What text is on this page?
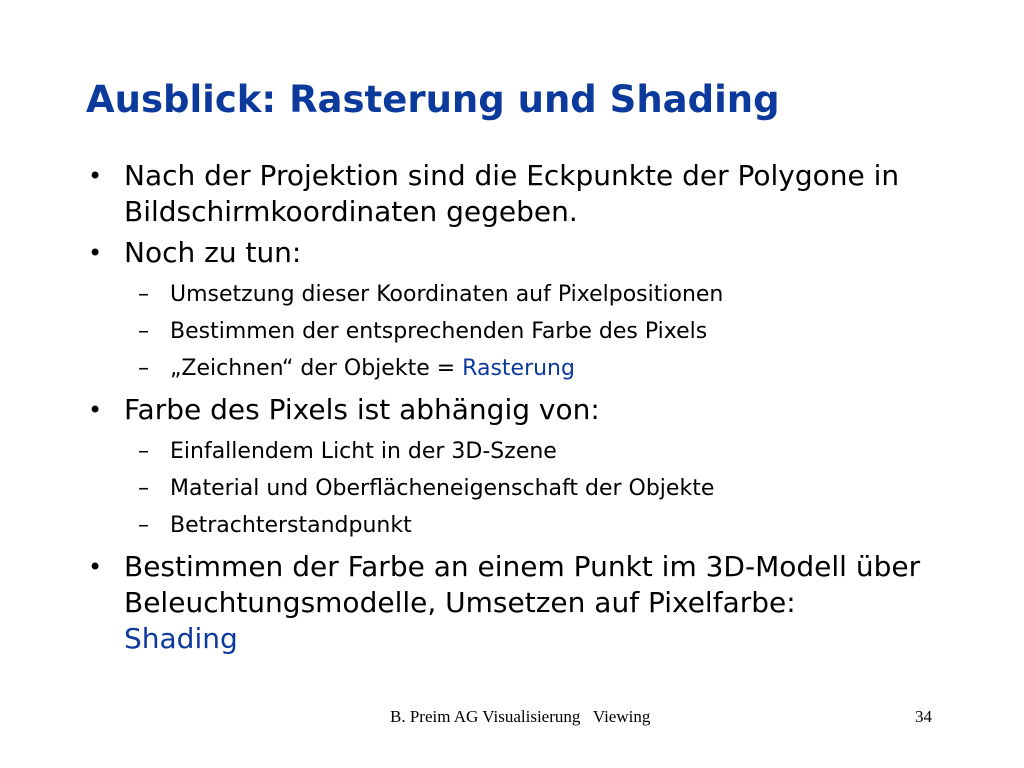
Ausblick: Rasterung und Shading
• Nach der Projektion sind die Eckpunkte der Polygone in Bildschirmkoordinaten gegeben.
• Noch zu tun:
– Umsetzung dieser Koordinaten auf Pixelpositionen
– Bestimmen der entsprechenden Farbe des Pixels
– „Zeichnen“ der Objekte = Rasterung
• Farbe des Pixels ist abhängig von:
– Einfallendem Licht in der 3D-Szene
– Material und Oberflächeneigenschaft der Objekte
– Betrachterstandpunkt
• Bestimmen der Farbe an einem Punkt im 3D-Modell über Beleuchtungsmodelle, Umsetzen auf Pixelfarbe:
Shading
B. Preim AG Visualisierung   Viewing	34
